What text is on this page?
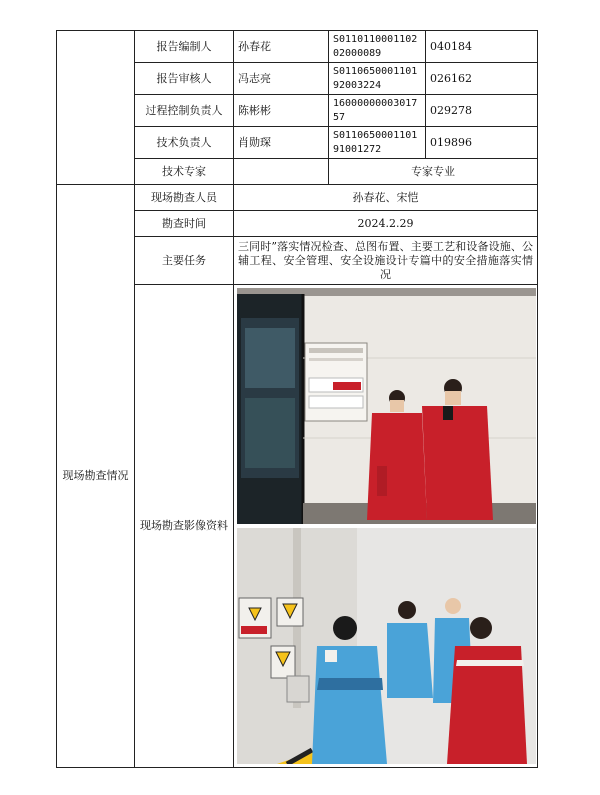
	报告编制人	孙春花	S011011000110202000089	040184
	报告审核人	冯志亮	S011065000110192003224	026162
	过程控制负责人	陈彬彬	1600000000301757	029278
	技术负责人	肖勋琛	S011065000110191001272	019896
	技术专家		专家专业	
现场勘查情况	现场勘查人员	孙春花、宋恺		
	勘查时间	2024.2.29		
	主要任务	三同时”落实情况检查、总图布置、主要工艺和设备设施、公辅工程、安全管理、安全设施设计专篇中的安全措施落实情况		
	现场勘查影像资料	
